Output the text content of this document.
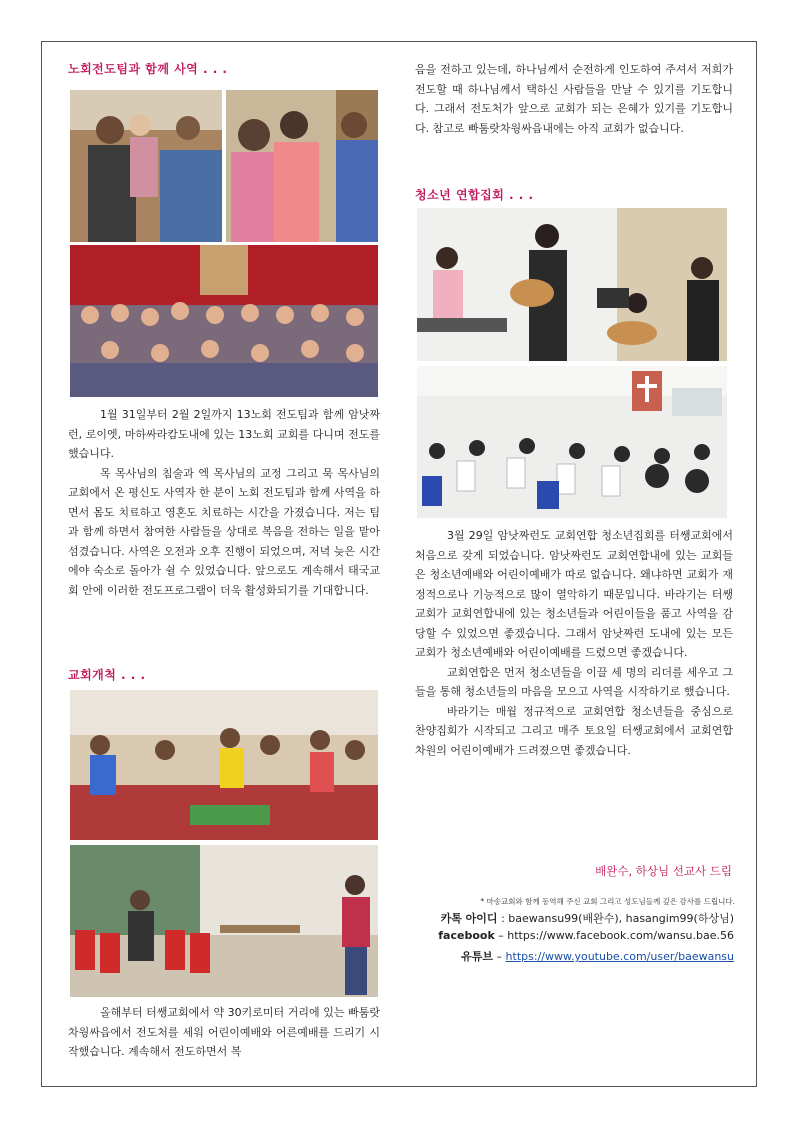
노회전도팀과 함께 사역 . . .

1월 31일부터 2월 2일까지 13노회 전도팀과 함께 암낫짜런, 로이엣, 마하싸라캄도내에 있는 13노회 교회를 다니며 전도를 했습니다.

목 목사님의 침술과 엑 목사님의 교정 그리고 묵 목사님의 교회에서 온 평신도 사역자 한 분이 노회 전도팀과 함께 사역을 하면서 몸도 치료하고 영혼도 치료하는 시간을 가졌습니다. 저는 팀과 함께 하면서 참여한 사람들을 상대로 복음을 전하는 일을 맡아 섬겼습니다. 사역은 오전과 오후 진행이 되었으며, 저녁 늦은 시간에야 숙소로 돌아가 쉴 수 있었습니다. 앞으로도 계속해서 태국교회 안에 이러한 전도프로그램이 더욱 활성화되기를 기대합니다.

교회개척 . . .

올해부터 터쌩교회에서 약 30키로미터 거리에 있는 빠툼랏차웡싸읍에서 전도처를 세워 어린이예배와 어른예배를 드리기 시작했습니다. 계속해서 전도하면서 복

음을 전하고 있는데, 하나님께서 순전하게 인도하여 주셔서 저희가 전도할 때 하나님께서 택하신 사람들을 만날 수 있기를 기도합니다. 그래서 전도처가 앞으로 교회가 되는 은혜가 있기를 기도합니다. 참고로 빠툼랏차웡싸읍내에는 아직 교회가 없습니다.

청소년 연합집회 . . .

3월 29일 암낫짜런도 교회연합 청소년집회를 터쌩교회에서 처음으로 갖게 되었습니다. 암낫짜런도 교회연합내에 있는 교회들은 청소년예배와 어린이예배가 따로 없습니다. 왜냐하면 교회가 재정적으로나 기능적으로 많이 열악하기 때문입니다. 바라기는 터쌩교회가 교회연합내에 있는 청소년들과 어린이들을 품고 사역을 감당할 수 있었으면 좋겠습니다. 그래서 암낫짜런 도내에 있는 모든 교회가 청소년예배와 어린이예배를 드렸으면 좋겠습니다.

교회연합은 먼저 청소년들을 이끌 세 명의 리더를 세우고 그들을 통해 청소년들의 마음을 모으고 사역을 시작하기로 했습니다.

바라기는 매월 정규적으로 교회연합 청소년들을 중심으로 찬양집회가 시작되고 그리고 매주 토요일 터쌩교회에서 교회연합 차원의 어린이예배가 드려졌으면 좋겠습니다.

배완수, 하상님 선교사 드림
* 마송교회와 함께 동역해 주신 교회 그리고 성도님들께 깊은 감사를 드립니다.
카톡 아이디 : baewansu99(배완수), hasangim99(하상님)
facebook – https://www.facebook.com/wansu.bae.56
유튜브 – https://www.youtube.com/user/baewansu
